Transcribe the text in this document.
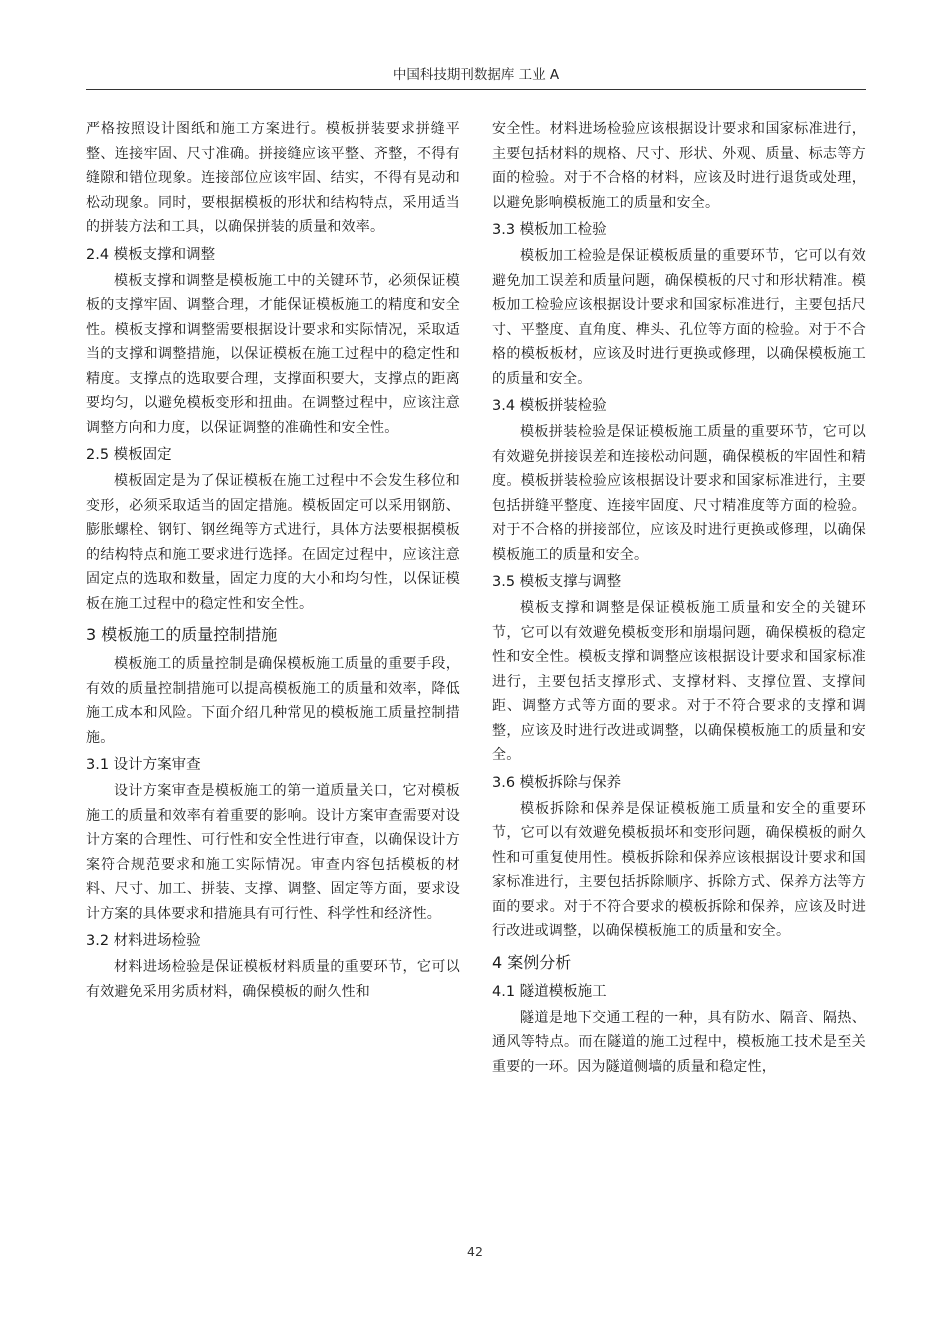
中国科技期刊数据库 工业 A

严格按照设计图纸和施工方案进行。模板拼装要求拼缝平整、连接牢固、尺寸准确。拼接缝应该平整、齐整，不得有缝隙和错位现象。连接部位应该牢固、结实，不得有晃动和松动现象。同时，要根据模板的形状和结构特点，采用适当的拼装方法和工具，以确保拼装的质量和效率。

2.4 模板支撑和调整

模板支撑和调整是模板施工中的关键环节，必须保证模板的支撑牢固、调整合理，才能保证模板施工的精度和安全性。模板支撑和调整需要根据设计要求和实际情况，采取适当的支撑和调整措施，以保证模板在施工过程中的稳定性和精度。支撑点的选取要合理，支撑面积要大，支撑点的距离要均匀，以避免模板变形和扭曲。在调整过程中，应该注意调整方向和力度，以保证调整的准确性和安全性。

2.5 模板固定

模板固定是为了保证模板在施工过程中不会发生移位和变形，必须采取适当的固定措施。模板固定可以采用钢筋、膨胀螺栓、钢钉、钢丝绳等方式进行，具体方法要根据模板的结构特点和施工要求进行选择。在固定过程中，应该注意固定点的选取和数量，固定力度的大小和均匀性，以保证模板在施工过程中的稳定性和安全性。

3 模板施工的质量控制措施

模板施工的质量控制是确保模板施工质量的重要手段，有效的质量控制措施可以提高模板施工的质量和效率，降低施工成本和风险。下面介绍几种常见的模板施工质量控制措施。

3.1 设计方案审查

设计方案审查是模板施工的第一道质量关口，它对模板施工的质量和效率有着重要的影响。设计方案审查需要对设计方案的合理性、可行性和安全性进行审查，以确保设计方案符合规范要求和施工实际情况。审查内容包括模板的材料、尺寸、加工、拼装、支撑、调整、固定等方面，要求设计方案的具体要求和措施具有可行性、科学性和经济性。

3.2 材料进场检验

材料进场检验是保证模板材料质量的重要环节，它可以有效避免采用劣质材料，确保模板的耐久性和

安全性。材料进场检验应该根据设计要求和国家标准进行，主要包括材料的规格、尺寸、形状、外观、质量、标志等方面的检验。对于不合格的材料，应该及时进行退货或处理，以避免影响模板施工的质量和安全。

3.3 模板加工检验

模板加工检验是保证模板质量的重要环节，它可以有效避免加工误差和质量问题，确保模板的尺寸和形状精准。模板加工检验应该根据设计要求和国家标准进行，主要包括尺寸、平整度、直角度、榫头、孔位等方面的检验。对于不合格的模板板材，应该及时进行更换或修理，以确保模板施工的质量和安全。

3.4 模板拼装检验

模板拼装检验是保证模板施工质量的重要环节，它可以有效避免拼接误差和连接松动问题，确保模板的牢固性和精度。模板拼装检验应该根据设计要求和国家标准进行，主要包括拼缝平整度、连接牢固度、尺寸精准度等方面的检验。对于不合格的拼接部位，应该及时进行更换或修理，以确保模板施工的质量和安全。

3.5 模板支撑与调整

模板支撑和调整是保证模板施工质量和安全的关键环节，它可以有效避免模板变形和崩塌问题，确保模板的稳定性和安全性。模板支撑和调整应该根据设计要求和国家标准进行，主要包括支撑形式、支撑材料、支撑位置、支撑间距、调整方式等方面的要求。对于不符合要求的支撑和调整，应该及时进行改进或调整，以确保模板施工的质量和安全。

3.6 模板拆除与保养

模板拆除和保养是保证模板施工质量和安全的重要环节，它可以有效避免模板损坏和变形问题，确保模板的耐久性和可重复使用性。模板拆除和保养应该根据设计要求和国家标准进行，主要包括拆除顺序、拆除方式、保养方法等方面的要求。对于不符合要求的模板拆除和保养，应该及时进行改进或调整，以确保模板施工的质量和安全。

4 案例分析
4.1 隧道模板施工

隧道是地下交通工程的一种，具有防水、隔音、隔热、通风等特点。而在隧道的施工过程中，模板施工技术是至关重要的一环。因为隧道侧墙的质量和稳定性，

42
